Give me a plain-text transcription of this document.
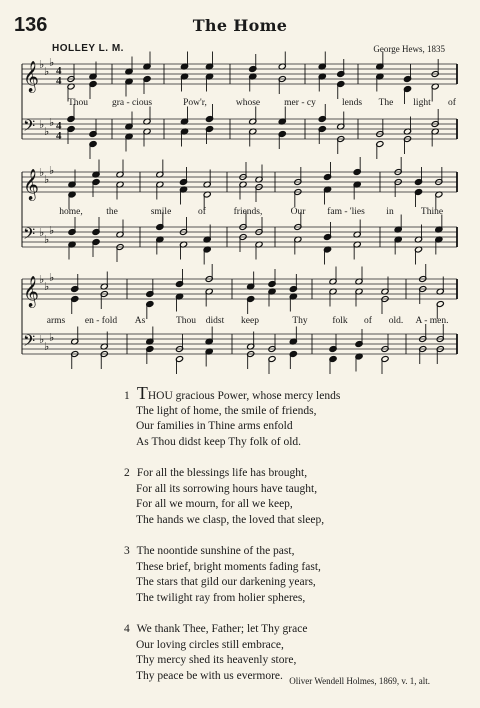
136	The Home
HOLLEY L. M.	George Hews, 1835
𝄞
𝄢
♭
♭
♭
♭
♭
♭
4
4
4
4
𝄞
𝄢
♭
♭
♭
♭
♭
♭
𝄞
𝄢
♭
♭
♭
♭
♭
♭
Thou	gra - cious	Pow'r,	whose	mer - cy	lends The light of
home, the	smile	of	friends,	Our fam - 'lies in	Thine
arms en - fold As	Thou didst keep	Thy	folk of old. A - men.
1 THOU gracious Power, whose mercy lends
The light of home, the smile of friends,
Our families in Thine arms enfold
As Thou didst keep Thy folk of old.
2 For all the blessings life has brought,
For all its sorrowing hours have taught,
For all we mourn, for all we keep,
The hands we clasp, the loved that sleep,
3 The noontide sunshine of the past,
These brief, bright moments fading fast,
The stars that gild our darkening years,
The twilight ray from holier spheres,
4 We thank Thee, Father; let Thy grace
Our loving circles still embrace,
Thy mercy shed its heavenly store,
Thy peace be with us evermore. Oliver Wendell Holmes, 1869, v. 1, alt.
